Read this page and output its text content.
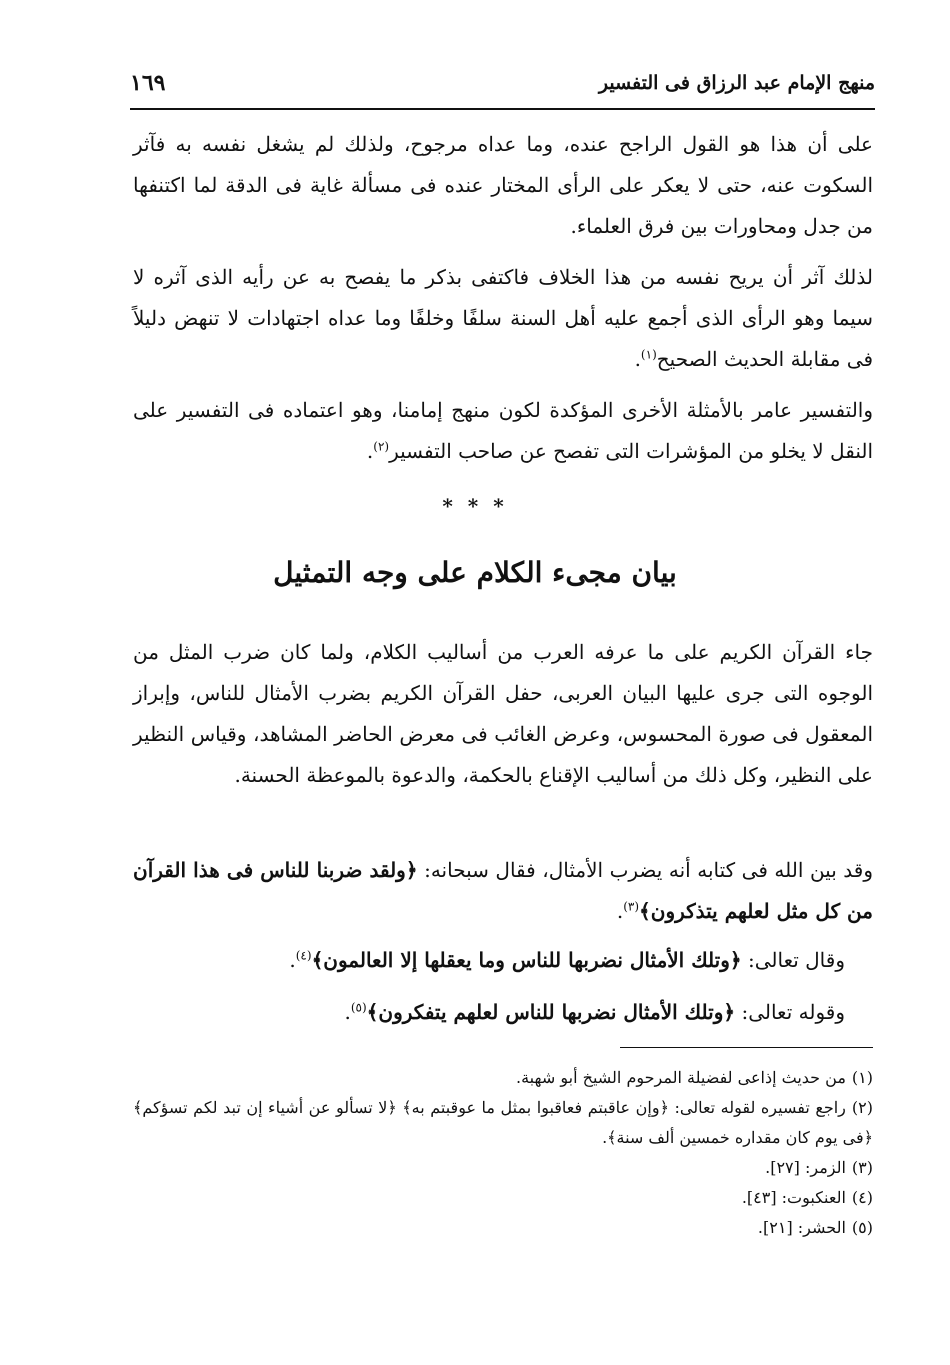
منهج الإمام عبد الرزاق فى التفسير
١٦٩

على أن هذا هو القول الراجح عنده، وما عداه مرجوح، ولذلك لم يشغل نفسه به فآثر السكوت عنه، حتى لا يعكر على الرأى المختار عنده فى مسألة غاية فى الدقة لما اكتنفها من جدل ومحاورات بين فرق العلماء.

لذلك آثر أن يريح نفسه من هذا الخلاف فاكتفى بذكر ما يفصح به عن رأيه الذى آثره لا سيما وهو الرأى الذى أجمع عليه أهل السنة سلفًا وخلفًا وما عداه اجتهادات لا تنهض دليلاً فى مقابلة الحديث الصحيح$^{(١)}$.

والتفسير عامر بالأمثلة الأخرى المؤكدة لكون منهج إمامنا، وهو اعتماده فى التفسير على النقل لا يخلو من المؤشرات التى تفصح عن صاحب التفسير$^{(٢)}$.

* * *
بيان مجىء الكلام على وجه التمثيل

جاء القرآن الكريم على ما عرفه العرب من أساليب الكلام، ولما كان ضرب المثل من الوجوه التى جرى عليها البيان العربى، حفل القرآن الكريم بضرب الأمثال للناس، وإبراز المعقول فى صورة المحسوس، وعرض الغائب فى معرض الحاضر المشاهد، وقياس النظير على النظير، وكل ذلك من أساليب الإقناع بالحكمة، والدعوة بالموعظة الحسنة.

وقد بين الله فى كتابه أنه يضرب الأمثال، فقال سبحانه: ﴿ولقد ضربنا للناس فى هذا القرآن من كل مثل لعلهم يتذكرون﴾$^{(٣)}$.

وقال تعالى: ﴿وتلك الأمثال نضربها للناس وما يعقلها إلا العالمون﴾$^{(٤)}$.
وقوله تعالى: ﴿وتلك الأمثال نضربها للناس لعلهم يتفكرون﴾$^{(٥)}$.
(١)من حديث إذاعى لفضيلة المرحوم الشيخ أبو شهبة.
(٢)راجع تفسيره لقوله تعالى: ﴿وإن عاقبتم فعاقبوا بمثل ما عوقبتم به﴾ ﴿لا تسألو عن أشياء إن تبد لكم تسؤكم﴾ ﴿فى يوم كان مقداره خمسين ألف سنة﴾.
(٣)الزمر: [٢٧].
(٤)العنكبوت: [٤٣].
(٥)الحشر: [٢١].
